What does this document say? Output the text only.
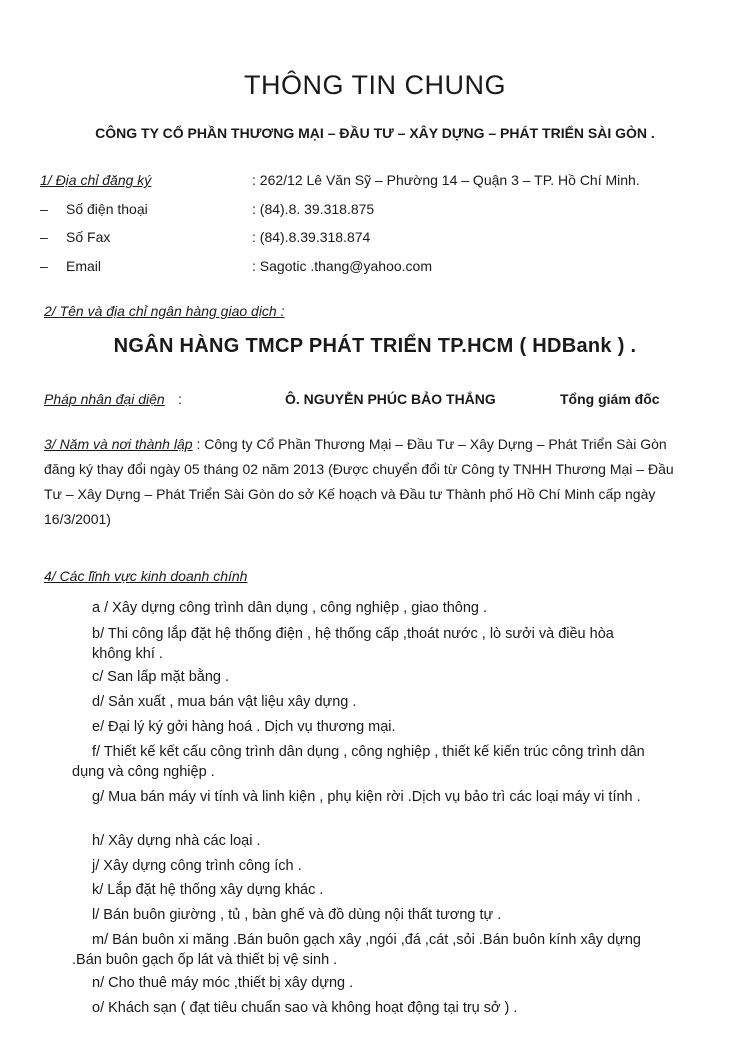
THÔNG TIN CHUNG
CÔNG TY CỔ PHẦN THƯƠNG MẠI – ĐẦU TƯ – XÂY DỰNG – PHÁT TRIỂN SÀI GÒN .
1/ Địa chỉ đăng ký	: 262/12 Lê Văn Sỹ – Phường 14 – Quận 3 – TP. Hồ Chí Minh.
– Số điện thoại	: (84).8. 39.318.875
– Số Fax	: (84).8.39.318.874
– Email	: Sagotic .thang@yahoo.com
2/ Tên và địa chỉ ngân hàng giao dịch :
NGÂN HÀNG TMCP PHÁT TRIỂN TP.HCM ( HDBank ) .
Pháp nhân đại diện :	Ô. NGUYỄN PHÚC BẢO THẮNG	Tổng giám đốc
3/ Năm và nơi thành lập : Công ty Cổ Phần Thương Mại – Đầu Tư – Xây Dựng – Phát Triển Sài Gòn đăng ký thay đổi ngày 05 tháng 02 năm 2013 (Được chuyển đổi từ Công ty TNHH Thương Mại – Đầu Tư – Xây Dựng – Phát Triển Sài Gòn do sở Kế hoạch và Đầu tư Thành phố Hồ Chí Minh cấp ngày 16/3/2001)
4/ Các lĩnh vực kinh doanh chính
a / Xây dựng công trình dân dụng , công nghiệp , giao thông .
b/ Thi công lắp đặt hệ thống điện , hệ thống cấp ,thoát nước , lò sưởi và điều hòa không khí .
c/ San lấp mặt bằng .
d/ Sản xuất , mua bán vật liệu xây dựng .
e/ Đại lý ký gởi hàng hoá . Dịch vụ thương mại.
f/ Thiết kế kết cấu công trình dân dụng , công nghiệp , thiết kế kiến trúc công trình dân dụng và công nghiệp .
g/ Mua bán máy vi tính và linh kiện , phụ kiện rời .Dịch vụ bảo trì các loại máy vi tính .
h/ Xây dựng nhà các loại .
j/ Xây dựng công trình công ích .
k/ Lắp đặt hệ thống xây dựng khác .
l/ Bán buôn giường , tủ , bàn ghế và đồ dùng nội thất tương tự .
m/ Bán buôn xi măng .Bán buôn gạch xây ,ngói ,đá ,cát ,sỏi .Bán buôn kính xây dựng .Bán buôn gạch ốp lát và thiết bị vệ sinh .
n/ Cho thuê máy móc ,thiết bị xây dựng .
o/ Khách sạn ( đạt tiêu chuẩn sao và không hoạt động tại trụ sở ) .
